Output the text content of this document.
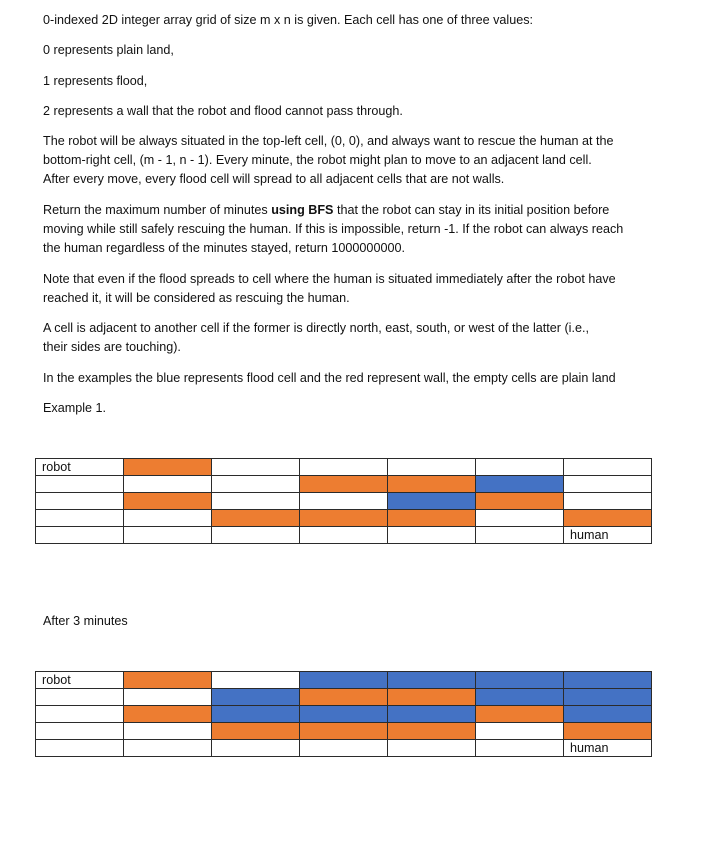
0-indexed 2D integer array grid of size m x n is given. Each cell has one of three values:
0 represents plain land,
1 represents flood,
2 represents a wall that the robot and flood cannot pass through.
The robot will be always situated in the top-left cell, (0, 0), and always want to rescue the human at the
bottom-right cell, (m - 1, n - 1). Every minute, the robot might plan to move to an adjacent land cell.
After every move, every flood cell will spread to all adjacent cells that are not walls.
Return the maximum number of minutes using BFS that the robot can stay in its initial position before
moving while still safely rescuing the human. If this is impossible, return -1. If the robot can always reach
the human regardless of the minutes stayed, return 1000000000.
Note that even if the flood spreads to cell where the human is situated immediately after the robot have
reached it, it will be considered as rescuing the human.
A cell is adjacent to another cell if the former is directly north, east, south, or west of the latter (i.e.,
their sides are touching).
In the examples the blue represents flood cell and the red represent wall, the empty cells are plain land
Example 1.
robot						

						human
After 3 minutes
robot						

						human
